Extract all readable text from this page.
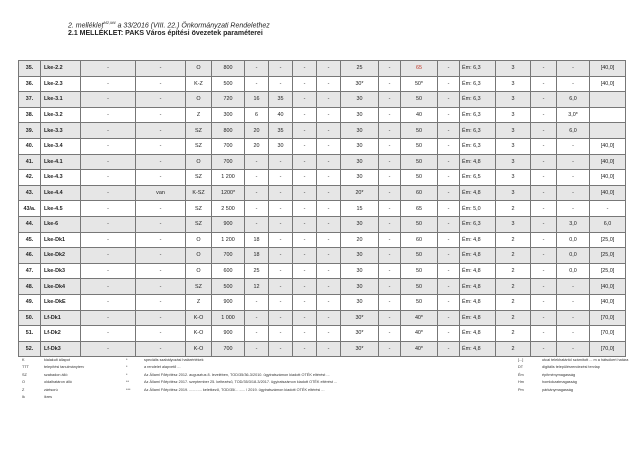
2. melléklet$^{M2,M4}$ a 33/2016 (VIII. 22.) Önkormányzati Rendelethez
2.1 MELLÉKLET: PAKS Város építési övezetek paraméterei
35.	Lke-2.2	-	-	O	800	-	-	-	-	25	-	65	-	Ém: 6,3	3	-	-	[40,0]
36.	Lke-2.3	-	-	K-Z	500	-	-	-	-	30*	-	50*	-	Ém: 6,3	3	-	-	[40,0]
37.	Lke-3.1	-	-	O	720	16	35	-	-	30	-	50	-	Ém: 6,3	3	-	6,0	
38.	Lke-3.2	-	-	Z	300	6	40	-	-	30	-	40	-	Ém: 6,3	3	-	3,0*	
39.	Lke-3.3	-	-	SZ	800	20	35	-	-	30	-	50	-	Ém: 6,3	3	-	6,0	
40.	Lke-3.4	-	-	SZ	700	20	30	-	-	30	-	50	-	Ém: 6,3	3	-	-	[40,0]
41.	Lke-4.1	-	-	O	700	-	-	-	-	30	-	50	-	Ém: 4,8	3	-	-	[40,0]
42.	Lke-4.3	-	-	SZ	1 200	-	-	-	-	30	-	50	-	Ém: 6,5	3	-	-	[40,0]
43.	Lke-4.4	-	van	K-SZ	1200*	-	-	-	-	20*	-	60	-	Ém: 4,8	3	-	-	[40,0]
43/a.	Lke-4.5	-	-	SZ	2 500	-	-	-	-	15	-	65	-	Ém: 5,0	2	-	-	-
44.	Lke-6	-	-	SZ	900	-	-	-	-	30	-	50	-	Ém: 6,3	3	-	3,0	6,0
45.	Lke-Dk1	-	-	O	1 200	18	-	-	-	20	-	60	-	Ém: 4,8	2	-	0,0	[25,0]
46.	Lke-Dk2	-	-	O	700	18	-	-	-	30	-	50	-	Ém: 4,8	2	-	0,0	[25,0]
47.	Lke-Dk3	-	-	O	600	25	-	-	-	30	-	50	-	Ém: 4,8	2	-	0,0	[25,0]
48.	Lke-Dk4	-	-	SZ	500	12	-	-	-	30	-	50	-	Ém: 4,8	2	-	-	[40,0]
49.	Lke-DkE	-	-	Z	900	-	-	-	-	30	-	50	-	Ém: 4,8	2	-	-	[40,0]
50.	Lf-Dk1	-	-	K-O	1 000	-	-	-	-	30*	-	40*	-	Ém: 4,8	2	-	-	[70,0]
51.	Lf-Dk2	-	-	K-O	900	-	-	-	-	30*	-	40*	-	Ém: 4,8	2	-	-	[70,0]
52.	Lf-Dk3	-	-	K-O	700	-	-	-	-	30*	-	40*	-	Ém: 4,8	2	-	-	[70,0]
K	kialakult állapot	*	speciális szabályozási határértékek	[...]	utcai telekhatártól számított ... m a hátsókert határa
TTT	telepítési tanulmányterv	*	a rendelet alapvető ...	DT	digitális településrendezési tervlap
SZ	szabadon álló	*	Az Állami Főépítész 2012. augusztus 8. levelében, TOD/35/36-3/2010. ügyiratszámon kiadott OTÉK eltérést ...	Ém	építménymagasság
O	oldalhatáron álló	**	Az Állami Főépítész 2017. szeptember 25. keltezésű, TOD/35/3/18-3/2017. ügyiratszámon kiadott OTÉK eltérést ...	Hm	homlokzatmagasság
Z	zártsorú	***	Az Állami Főépítész 2019. ............ keletkezű, TOD/35/... -.... / 2019. ügyiratszámon kiadott OTÉK eltérési ...	Pm	párkánymagasság
Ik	ikres
